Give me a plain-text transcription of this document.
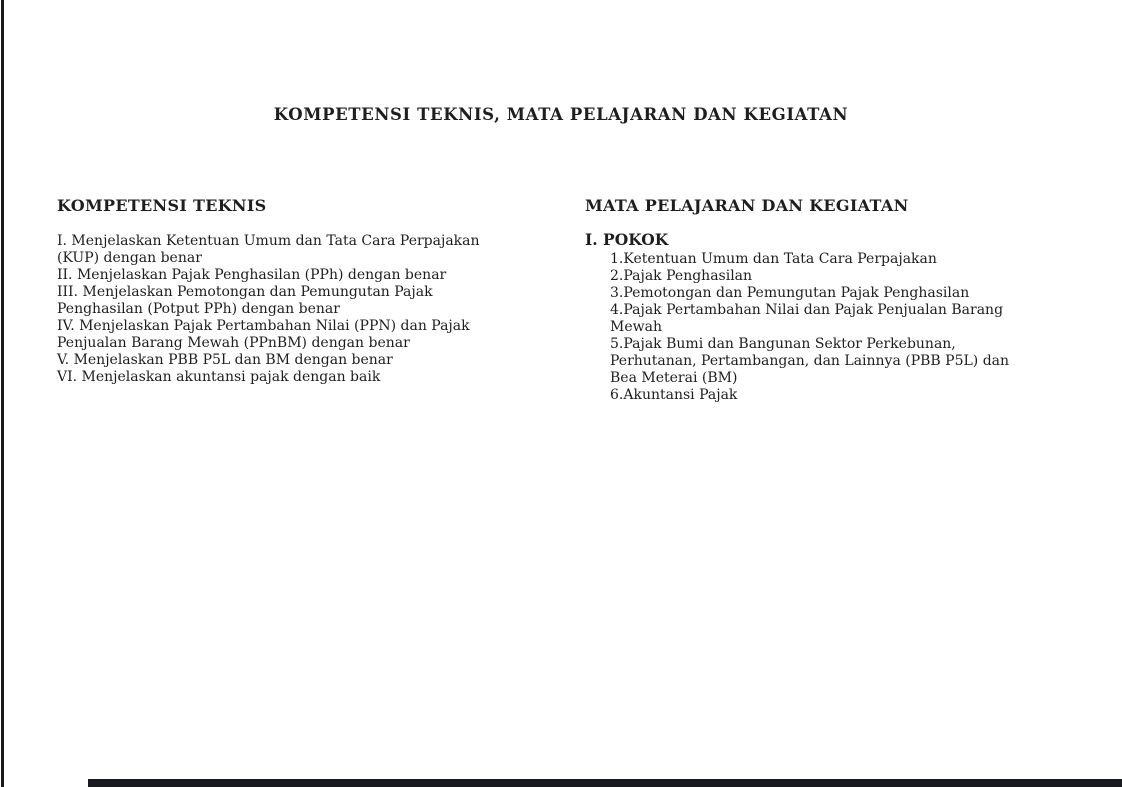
KOMPETENSI TEKNIS, MATA PELAJARAN DAN KEGIATAN
KOMPETENSI TEKNIS
I. Menjelaskan Ketentuan Umum dan Tata Cara Perpajakan
(KUP) dengan benar
II. Menjelaskan Pajak Penghasilan (PPh) dengan benar
III. Menjelaskan Pemotongan dan Pemungutan Pajak
Penghasilan (Potput PPh) dengan benar
IV. Menjelaskan Pajak Pertambahan Nilai (PPN) dan Pajak
Penjualan Barang Mewah (PPnBM) dengan benar
V. Menjelaskan PBB P5L dan BM dengan benar
VI. Menjelaskan akuntansi pajak dengan baik
MATA PELAJARAN DAN KEGIATAN
I. POKOK
1.Ketentuan Umum dan Tata Cara Perpajakan
2.Pajak Penghasilan
3.Pemotongan dan Pemungutan Pajak Penghasilan
4.Pajak Pertambahan Nilai dan Pajak Penjualan Barang
Mewah
5.Pajak Bumi dan Bangunan Sektor Perkebunan,
Perhutanan, Pertambangan, dan Lainnya (PBB P5L) dan
Bea Meterai (BM)
6.Akuntansi Pajak
